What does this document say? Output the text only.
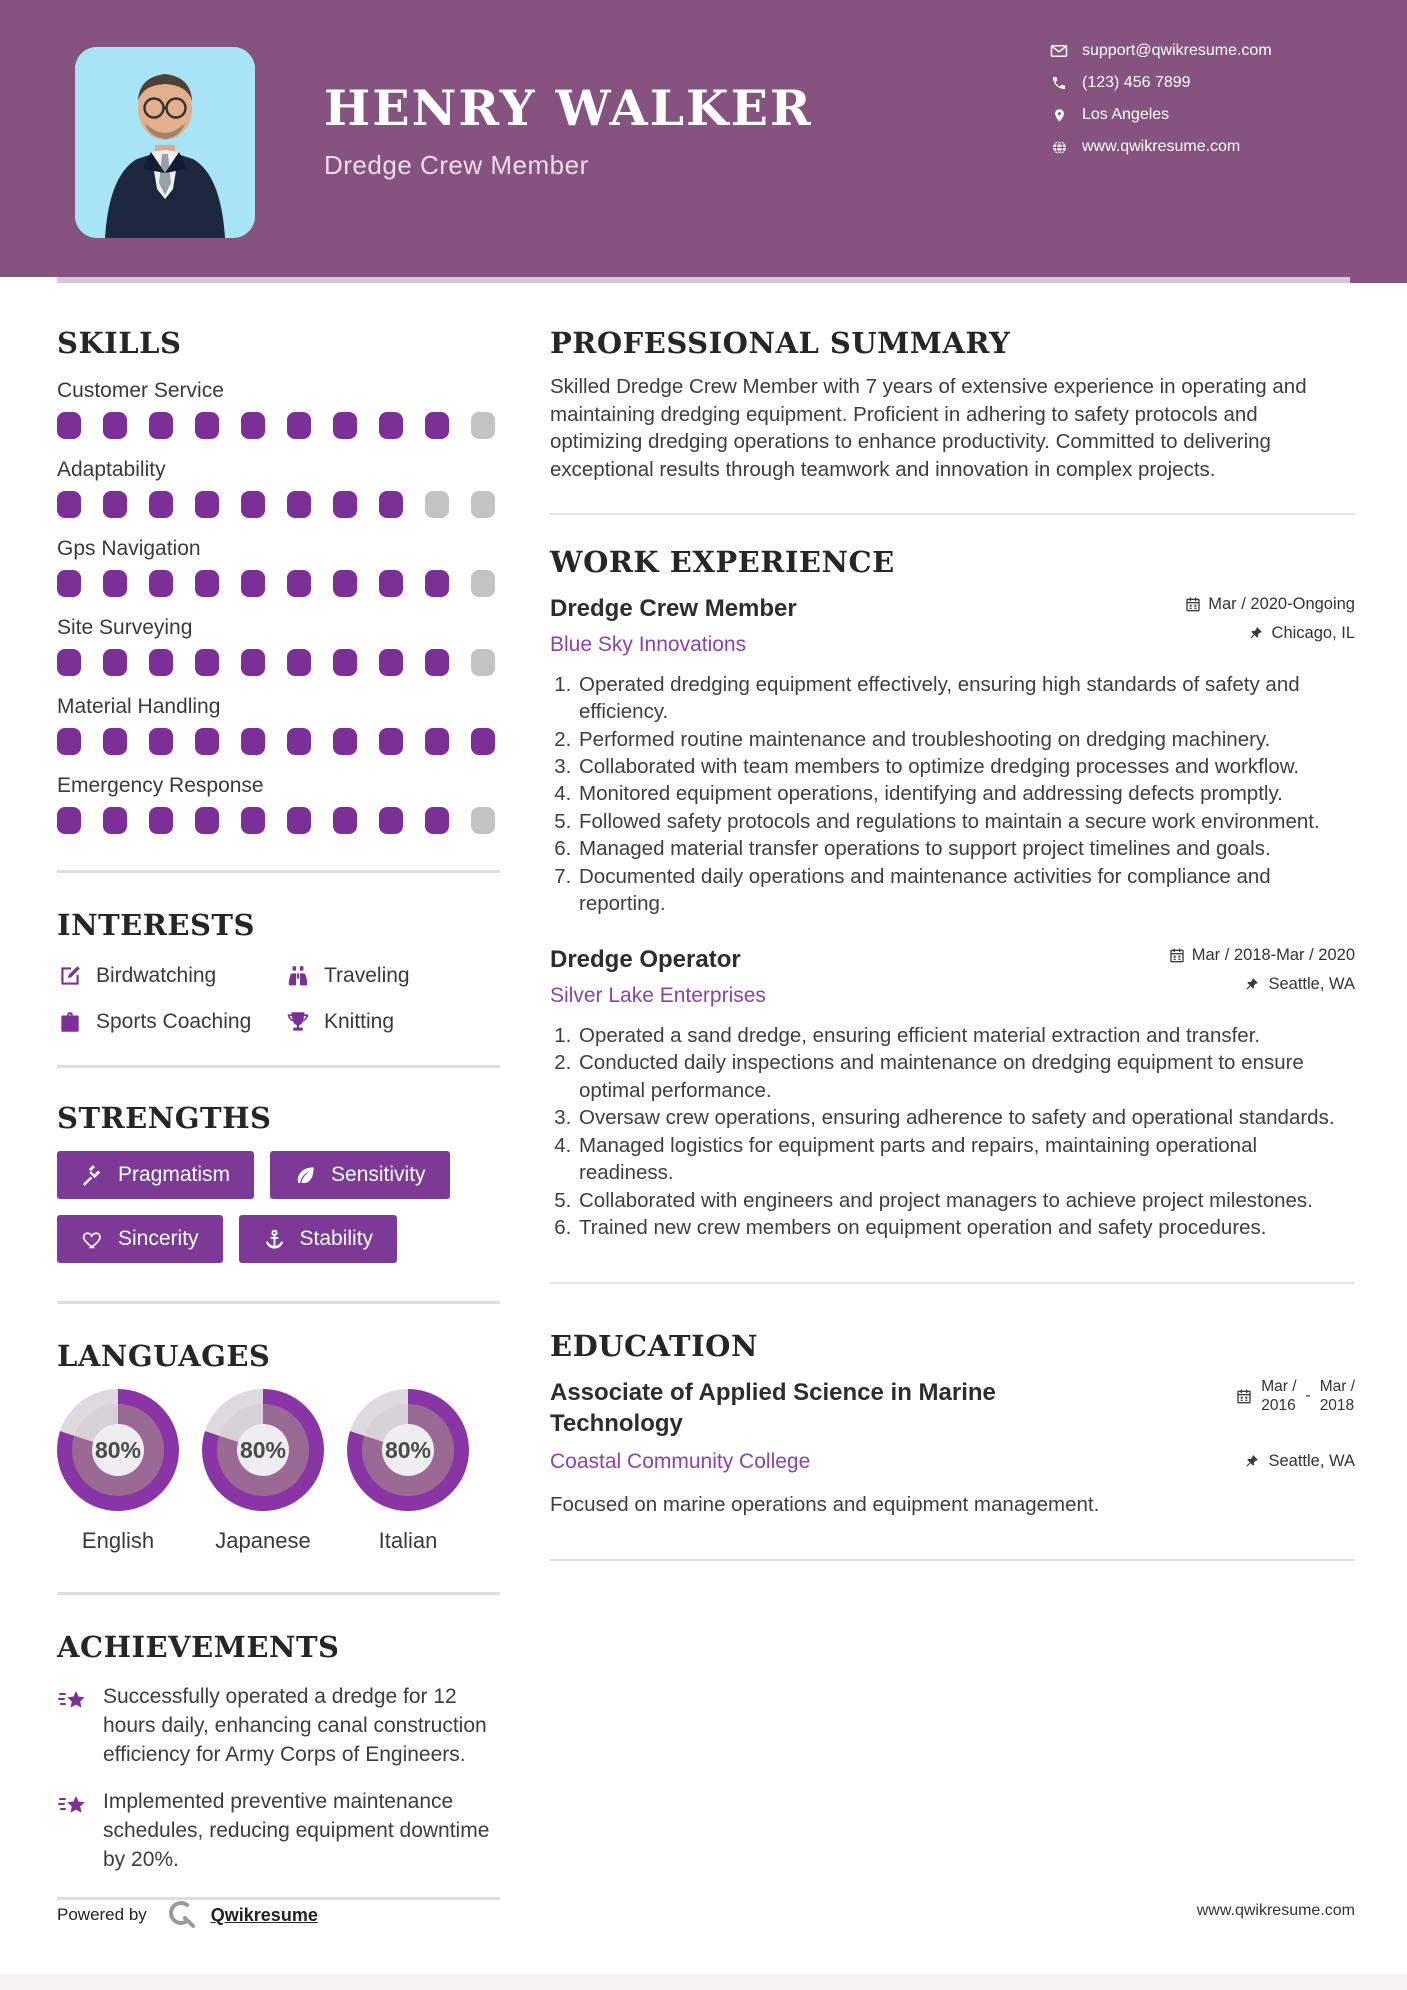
HENRY WALKER
Dredge Crew Member
support@qwikresume.com
(123) 456 7899
Los Angeles
www.qwikresume.com
SKILLS
Customer Service
Adaptability
Gps Navigation
Site Surveying
Material Handling
Emergency Response
INTERESTS
Birdwatching	Traveling
Sports Coaching	Knitting
STRENGTHS
Pragmatism	Sensitivity
Sincerity	Stability
LANGUAGES
80%
English
80%
Japanese
80%
Italian
ACHIEVEMENTS
Successfully operated a dredge for 12 hours daily, enhancing canal construction efficiency for Army Corps of Engineers.
Implemented preventive maintenance schedules, reducing equipment downtime by 20%.
PROFESSIONAL SUMMARY
Skilled Dredge Crew Member with 7 years of extensive experience in operating and maintaining dredging equipment. Proficient in adhering to safety protocols and optimizing dredging operations to enhance productivity. Committed to delivering exceptional results through teamwork and innovation in complex projects.
WORK EXPERIENCE
Dredge Crew Member
Blue Sky Innovations
Mar / 2020-Ongoing
Chicago, IL
1. Operated dredging equipment effectively, ensuring high standards of safety and efficiency.
2. Performed routine maintenance and troubleshooting on dredging machinery.
3. Collaborated with team members to optimize dredging processes and workflow.
4. Monitored equipment operations, identifying and addressing defects promptly.
5. Followed safety protocols and regulations to maintain a secure work environment.
6. Managed material transfer operations to support project timelines and goals.
7. Documented daily operations and maintenance activities for compliance and reporting.
Dredge Operator
Silver Lake Enterprises
Mar / 2018-Mar / 2020
Seattle, WA
1. Operated a sand dredge, ensuring efficient material extraction and transfer.
2. Conducted daily inspections and maintenance on dredging equipment to ensure optimal performance.
3. Oversaw crew operations, ensuring adherence to safety and operational standards.
4. Managed logistics for equipment parts and repairs, maintaining operational readiness.
5. Collaborated with engineers and project managers to achieve project milestones.
6. Trained new crew members on equipment operation and safety procedures.
EDUCATION
Associate of Applied Science in Marine Technology
Coastal Community College
Mar /
2016
-
Mar /
2018
Seattle, WA
Focused on marine operations and equipment management.
Powered by	Qwikresume	www.qwikresume.com
